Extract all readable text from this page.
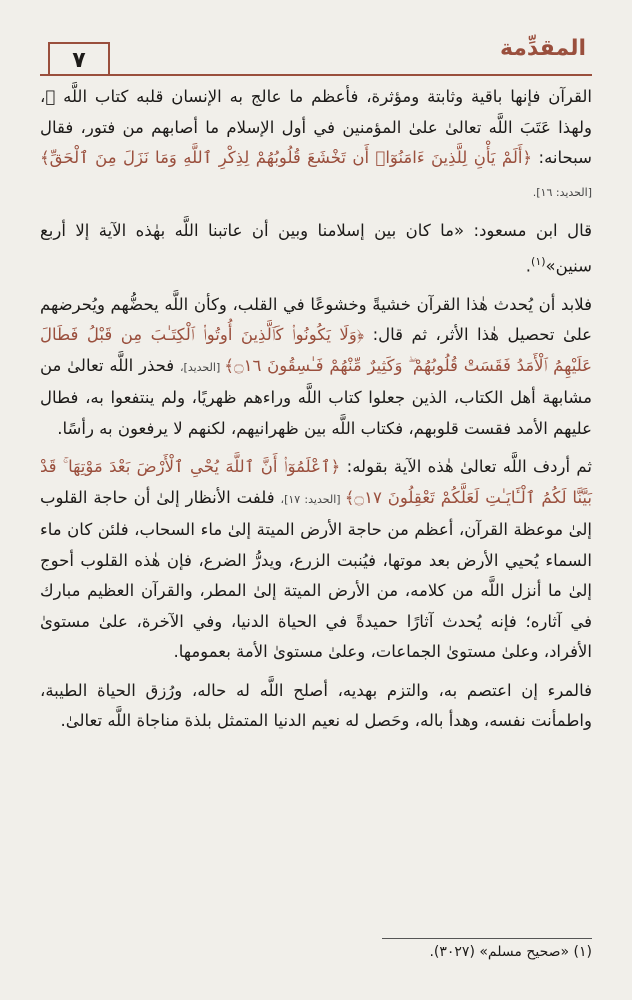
٧	المقدِّمة

القرآن فإنها باقية وثابتة ومؤثرة، فأعظم ما عالج به الإنسان قلبه كتاب اللَّه ﷻ، ولهذا عَتَبَ اللَّه تعالىٰ علىٰ المؤمنين في أول الإسلام ما أصابهم من فتور، فقال سبحانه: ﴿أَلَمْ يَأْنِ لِلَّذِينَ ءَامَنُوٓا۟ أَن تَخْشَعَ قُلُوبُهُمْ لِذِكْرِ ٱللَّهِ وَمَا نَزَلَ مِنَ ٱلْحَقِّ﴾ [الحديد: ١٦].

قال ابن مسعود: «ما كان بين إسلامنا وبين أن عاتبنا اللَّه بهٰذه الآية إلا أربع سنين»$^{(١)}$.

فلابد أن يُحدث هٰذا القرآن خشيةً وخشوعًا في القلب، وكأن اللَّه يحضُّهم ويُحرضهم علىٰ تحصيل هٰذا الأثر، ثم قال: ﴿وَلَا يَكُونُوا۟ كَٱلَّذِينَ أُوتُوا۟ ٱلْكِتَـٰبَ مِن قَبْلُ فَطَالَ عَلَيْهِمُ ٱلْأَمَدُ فَقَسَتْ قُلُوبُهُمْ ۖ وَكَثِيرٌ مِّنْهُمْ فَـٰسِقُونَ ۝١٦﴾ [الحديد]، فحذر اللَّه تعالىٰ من مشابهة أهل الكتاب، الذين جعلوا كتاب اللَّه وراءهم ظهريًا، ولم ينتفعوا به، فطال عليهم الأمد فقست قلوبهم، فكتاب اللَّه بين ظهرانيهم، لكنهم لا يرفعون به رأسًا.

ثم أردف اللَّه تعالىٰ هٰذه الآية بقوله: ﴿ٱعْلَمُوٓا۟ أَنَّ ٱللَّهَ يُحْىِ ٱلْأَرْضَ بَعْدَ مَوْتِهَا ۚ قَدْ بَيَّنَّا لَكُمُ ٱلْـَٔايَـٰتِ لَعَلَّكُمْ تَعْقِلُونَ ۝١٧﴾ [الحديد: ١٧]، فلفت الأنظار إلىٰ أن حاجة القلوب إلىٰ موعظة القرآن، أعظم من حاجة الأرض الميتة إلىٰ ماء السحاب، فلئن كان ماء السماء يُحيي الأرض بعد موتها، فيُنبت الزرع، ويدرُّ الضرع، فإن هٰذه القلوب أحوج إلىٰ ما أنزل اللَّه من كلامه، من الأرض الميتة إلىٰ المطر، والقرآن العظيم مبارك في آثاره؛ فإنه يُحدث آثارًا حميدةً في الحياة الدنيا، وفي الآخرة، علىٰ مستوىٰ الأفراد، وعلىٰ مستوىٰ الجماعات، وعلىٰ مستوىٰ الأمة بعمومها.

فالمرء إن اعتصم به، والتزم بهديه، أصلح اللَّه له حاله، ورُزق الحياة الطيبة، واطمأنت نفسه، وهدأ باله، وحَصل له نعيم الدنيا المتمثل بلذة مناجاة اللَّه تعالىٰ.

(١) «صحيح مسلم» (٣٠٢٧).
